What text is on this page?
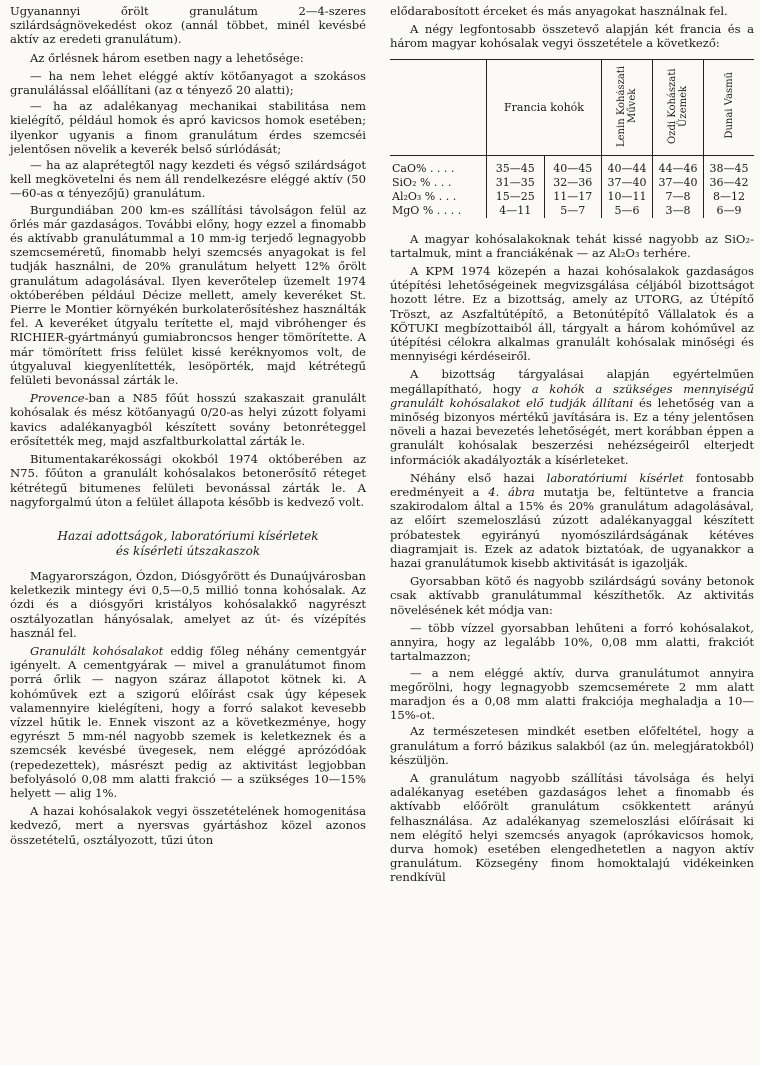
Ugyanannyi őrölt granulátum 2—4-szeres szilárdságnövekedést okoz (annál többet, minél kevésbé aktív az eredeti granulátum).

Az őrlésnek három esetben nagy a lehetősége:

— ha nem lehet eléggé aktív kötőanyagot a szokásos granulálással előállítani (az α tényező 20 alatti);

— ha az adalékanyag mechanikai stabilitása nem kielégítő, például homok és apró kavicsos homok esetében; ilyenkor ugyanis a finom granulátum érdes szemcséi jelentősen növelik a keverék belső súrlódását;

— ha az alaprétegtől nagy kezdeti és végső szilárdságot kell megkövetelni és nem áll rendelkezésre eléggé aktív (50—60-as α tényezőjű) granulátum.

Burgundiában 200 km-es szállítási távolságon felül az őrlés már gazdaságos. További előny, hogy ezzel a finomabb és aktívabb granulátummal a 10 mm-ig terjedő legnagyobb szemcseméretű, finomabb helyi szemcsés anyagokat is fel tudják használni, de 20% granulátum helyett 12% őrölt granulátum adagolásával. Ilyen keverőtelep üzemelt 1974 októberében például Décize mellett, amely keveréket St. Pierre le Montier környékén burkolaterősítéshez használták fel. A keveréket útgyalu terítette el, majd vibróhenger és RICHIER-gyártmányú gumiabroncsos henger tömörítette. A már tömörített friss felület kissé keréknyomos volt, de útgyaluval kiegyenlítették, lesöpörték, majd kétrétegű felületi bevonással zárták le.

Provence-ban a N85 főút hosszú szakaszait granulált kohósalak és mész kötőanyagú 0/20-as helyi zúzott folyami kavics adalékanyagból készített sovány betonréteggel erősítették meg, majd aszfaltburkolattal zárták le.

Bitumentakarékossági okokból 1974 októberében az N75. főúton a granulált kohósalakos betonerősítő réteget kétrétegű bitumenes felületi bevonással zárták le. A nagyforgalmú úton a felület állapota később is kedvező volt.

Hazai adottságok, laboratóriumi kísérletek
és kísérleti útszakaszok

Magyarországon, Ózdon, Diósgyőrött és Dunaújvárosban keletkezik mintegy évi 0,5—0,5 millió tonna kohósalak. Az ózdi és a diósgyőri kristályos kohósalakkő nagyrészt osztályozatlan hányósalak, amelyet az út- és vízépítés használ fel.

Granulált kohósalakot eddig főleg néhány cementgyár igényelt. A cementgyárak — mivel a granulátumot finom porrá őrlik — nagyon száraz állapotot kötnek ki. A kohóművek ezt a szigorú előírást csak úgy képesek valamennyire kielégíteni, hogy a forró salakot kevesebb vízzel hűtik le. Ennek viszont az a következménye, hogy egyrészt 5 mm-nél nagyobb szemek is keletkeznek és a szemcsék kevésbé üvegesek, nem eléggé aprózódóak (repedezettek), másrészt pedig az aktivitást legjobban befolyásoló 0,08 mm alatti frakció — a szükséges 10—15% helyett — alig 1%.

A hazai kohósalakok vegyi összetételének homogenitása kedvező, mert a nyersvas gyártáshoz közel azonos összetételű, osztályozott, tűzi úton

elődarabosított érceket és más anyagokat használnak fel.

A négy legfontosabb összetevő alapján két francia és a három magyar kohósalak vegyi összetétele a következő:

	Francia kohók		Lenin Kohászati Művek	Ózdi Kohászati Üzemek	Dunai Vasmű
CaO% . . . .	35—45	40—45	40—44	44—46	38—45
SiO₂ % . . .	31—35	32—36	37—40	37—40	36—42
Al₂O₃ % . . .	15—25	11—17	10—11	7—8	8—12
MgO % . . . .	4—11	5—7	5—6	3—8	6—9

A magyar kohósalakoknak tehát kissé nagyobb az SiO₂-tartalmuk, mint a franciákénak — az Al₂O₃ terhére.

A KPM 1974 közepén a hazai kohósalakok gazdaságos útépítési lehetőségeinek megvizsgálása céljából bizottságot hozott létre. Ez a bizottság, amely az UTORG, az Útépítő Tröszt, az Aszfaltútépítő, a Betonútépítő Vállalatok és a KÖTUKI megbízottaiból áll, tárgyalt a három kohóművel az útépítési célokra alkalmas granulált kohósalak minőségi és mennyiségi kérdéseiről.

A bizottság tárgyalásai alapján egyértelműen megállapítható, hogy a kohók a szükséges mennyiségű granulált kohósalakot elő tudják állítani és lehetőség van a minőség bizonyos mértékű javítására is. Ez a tény jelentősen növeli a hazai bevezetés lehetőségét, mert korábban éppen a granulált kohósalak beszerzési nehézségeiről elterjedt információk akadályozták a kísérleteket.

Néhány első hazai laboratóriumi kísérlet fontosabb eredményeit a 4. ábra mutatja be, feltüntetve a francia szakirodalom által a 15% és 20% granulátum adagolásával, az előírt szemeloszlású zúzott adalékanyaggal készített próbatestek egyirányú nyomószilárdságának kétéves diagramjait is. Ezek az adatok biztatóak, de ugyanakkor a hazai granulátumok kisebb aktivitását is igazolják.

Gyorsabban kötő és nagyobb szilárdságú sovány betonok csak aktívabb granulátummal készíthetők. Az aktivitás növelésének két módja van:

— több vízzel gyorsabban lehűteni a forró kohósalakot, annyira, hogy az legalább 10%, 0,08 mm alatti, frakciót tartalmazzon;

— a nem eléggé aktív, durva granulátumot annyira megőrölni, hogy legnagyobb szemcsemérete 2 mm alatt maradjon és a 0,08 mm alatti frakciója meghaladja a 10—15%-ot.

Az természetesen mindkét esetben előfeltétel, hogy a granulátum a forró bázikus salakból (az ún. melegjáratokból) készüljön.

A granulátum nagyobb szállítási távolsága és helyi adalékanyag esetében gazdaságos lehet a finomabb és aktívabb előőrölt granulátum csökkentett arányú felhasználása. Az adalékanyag szemeloszlási előírásait ki nem elégítő helyi szemcsés anyagok (aprókavicsos homok, durva homok) esetében elengedhetetlen a nagyon aktív granulátum. Közsegény finom homoktalajú vidékeinken rendkívül
